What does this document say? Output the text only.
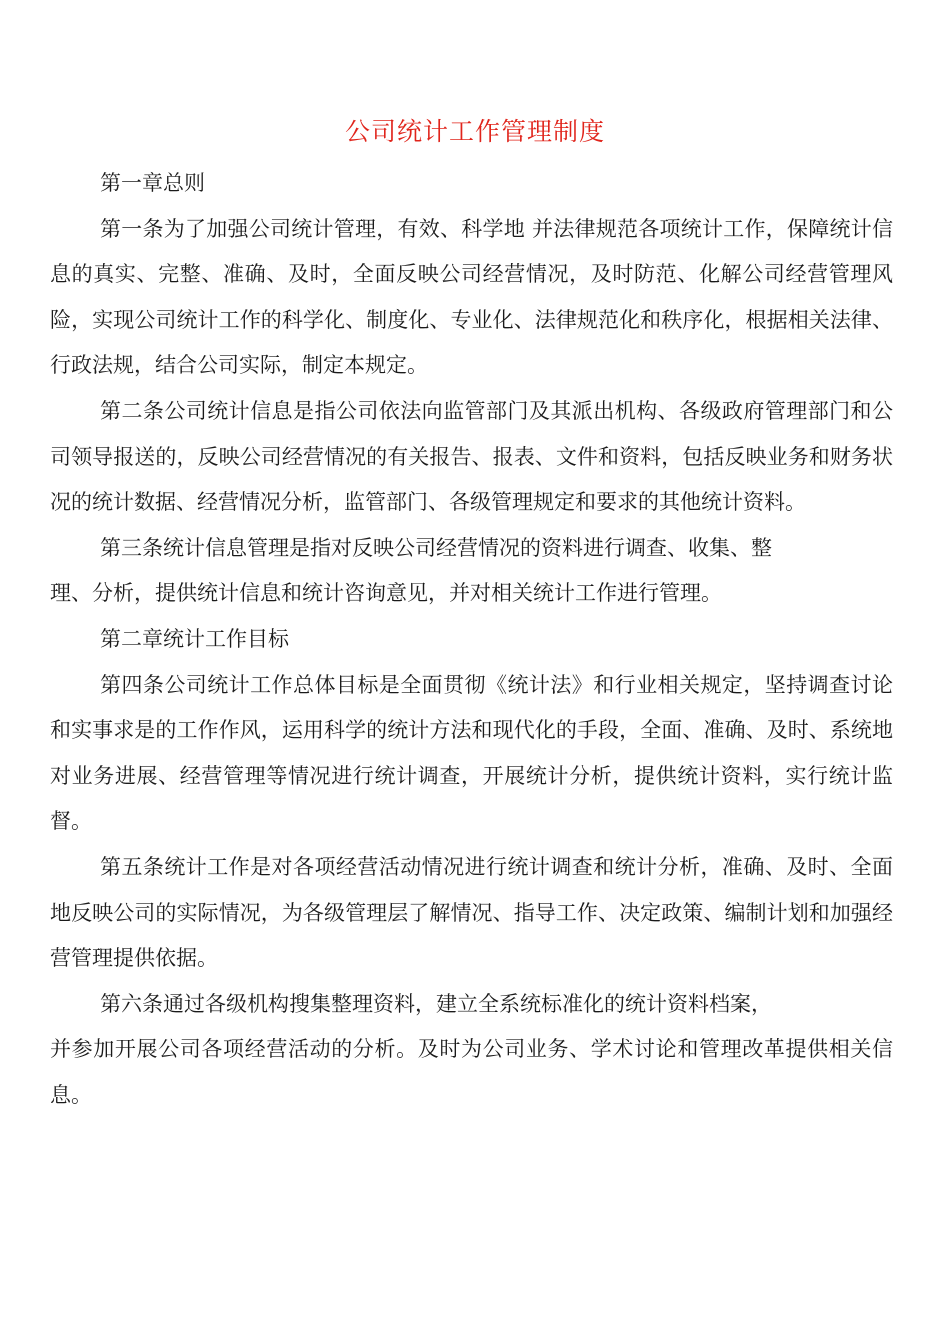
公司统计工作管理制度

第一章总则

第一条为了加强公司统计管理，有效、科学地 并法律规范各项统计工作，保障统计信息的真实、完整、准确、及时，全面反映公司经营情况，及时防范、化解公司经营管理风险，实现公司统计工作的科学化、制度化、专业化、法律规范化和秩序化，根据相关法律、行政法规，结合公司实际，制定本规定。

第二条公司统计信息是指公司依法向监管部门及其派出机构、各级政府管理部门和公司领导报送的，反映公司经营情况的有关报告、报表、文件和资料，包括反映业务和财务状况的统计数据、经营情况分析，监管部门、各级管理规定和要求的其他统计资料。

第三条统计信息管理是指对反映公司经营情况的资料进行调查、收集、整

理、分析，提供统计信息和统计咨询意见，并对相关统计工作进行管理。

第二章统计工作目标

第四条公司统计工作总体目标是全面贯彻《统计法》和行业相关规定，坚持调查讨论和实事求是的工作作风，运用科学的统计方法和现代化的手段，全面、准确、及时、系统地对业务进展、经营管理等情况进行统计调查，开展统计分析，提供统计资料，实行统计监督。

第五条统计工作是对各项经营活动情况进行统计调查和统计分析，准确、及时、全面地反映公司的实际情况，为各级管理层了解情况、指导工作、决定政策、编制计划和加强经营管理提供依据。

第六条通过各级机构搜集整理资料，建立全系统标准化的统计资料档案，

并参加开展公司各项经营活动的分析。及时为公司业务、学术讨论和管理改革提供相关信息。
